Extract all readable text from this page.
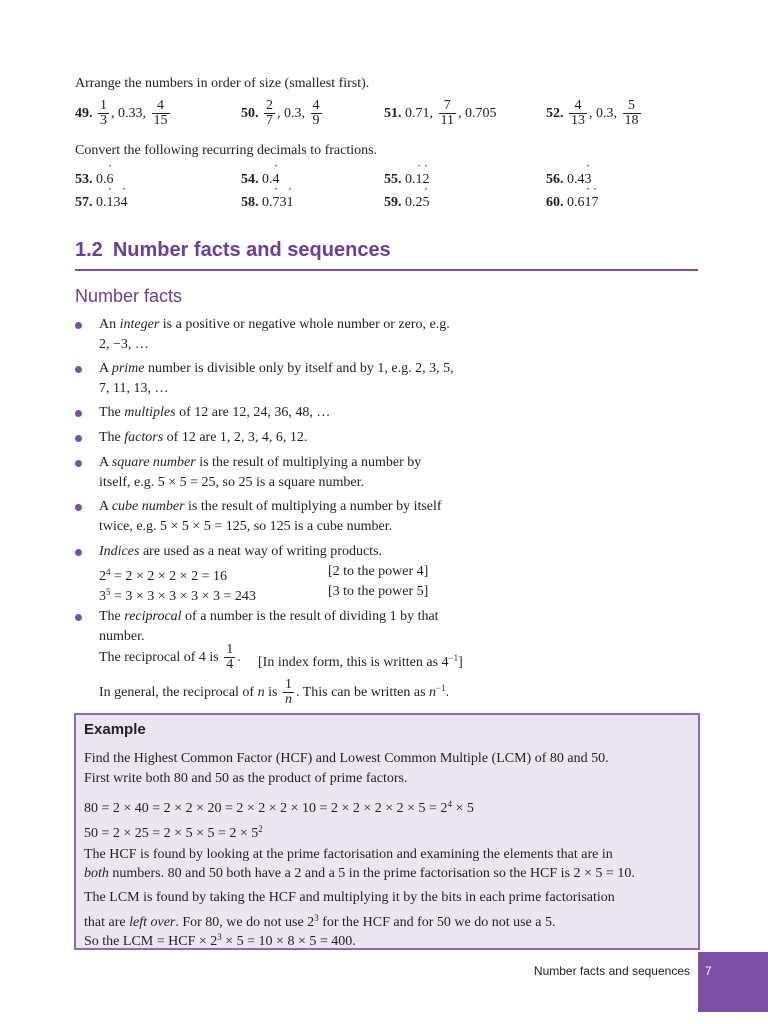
Arrange the numbers in order of size (smallest first).
49. $\frac{1}{3}$ , 0.33, $\frac{4}{15}$	50. $\frac{2}{7}$ , 0.3, $\frac{4}{9}$	51. 0.71, $\frac{7}{11}$ , 0.705	52. $\frac{4}{13}$ , 0.3, $\frac{5}{18}$
Convert the following recurring decimals to fractions.
53. 0.6 ˙	54. 0.4 ˙	55. 0.1 ˙2 ˙	56. 0.43 ˙
57. 0.1 ˙34 ˙	58. 0.7 ˙31 ˙	59. 0.25 ˙	60. 0.61 ˙7 ˙
1.2 Number facts and sequences
Number facts
An integer is a positive or negative whole number or zero, e.g.
2, −3, …
A prime number is divisible only by itself and by 1, e.g. 2, 3, 5,
7, 11, 13, …
The multiples of 12 are 12, 24, 36, 48, …
The factors of 12 are 1, 2, 3, 4, 6, 12.
A square number is the result of multiplying a number by
itself, e.g. 5 × 5 = 25, so 25 is a square number.
A cube number is the result of multiplying a number by itself
twice, e.g. 5 × 5 × 5 = 125, so 125 is a cube number.
Indices are used as a neat way of writing products.
$2^4 = 2 \times 2 \times 2 \times 2 = 16$	[2 to the power 4]
$3^5 = 3 \times 3 \times 3 \times 3 \times 3 = 243$	[3 to the power 5]
The reciprocal of a number is the result of dividing 1 by that
number.
The reciprocal of 4 is $\frac{1}{4}$ . [In index form, this is written as $4^{-1}$]
In general, the reciprocal of n is $\frac{1}{n}$ . This can be written as $n^{-1}$.
Example
Find the Highest Common Factor (HCF) and Lowest Common Multiple (LCM) of 80 and 50.
First write both 80 and 50 as the product of prime factors.
$80 = 2 \times 40 = 2 \times 2 \times 20 = 2 \times 2 \times 2 \times 10 = 2 \times 2 \times 2 \times 2 \times 5 = 2^4 \times 5$
$50 = 2 \times 25 = 2 \times 5 \times 5 = 2 \times 5^2$
The HCF is found by looking at the prime factorisation and examining the elements that are in
both numbers. 80 and 50 both have a 2 and a 5 in the prime factorisation so the HCF is 2 × 5 = 10.
The LCM is found by taking the HCF and multiplying it by the bits in each prime factorisation
that are left over. For 80, we do not use $2^3$ for the HCF and for 50 we do not use a 5.
So the LCM = HCF × $2^3 \times 5 = 10 \times 8 \times 5 = 400$.
Number facts and sequences 7
